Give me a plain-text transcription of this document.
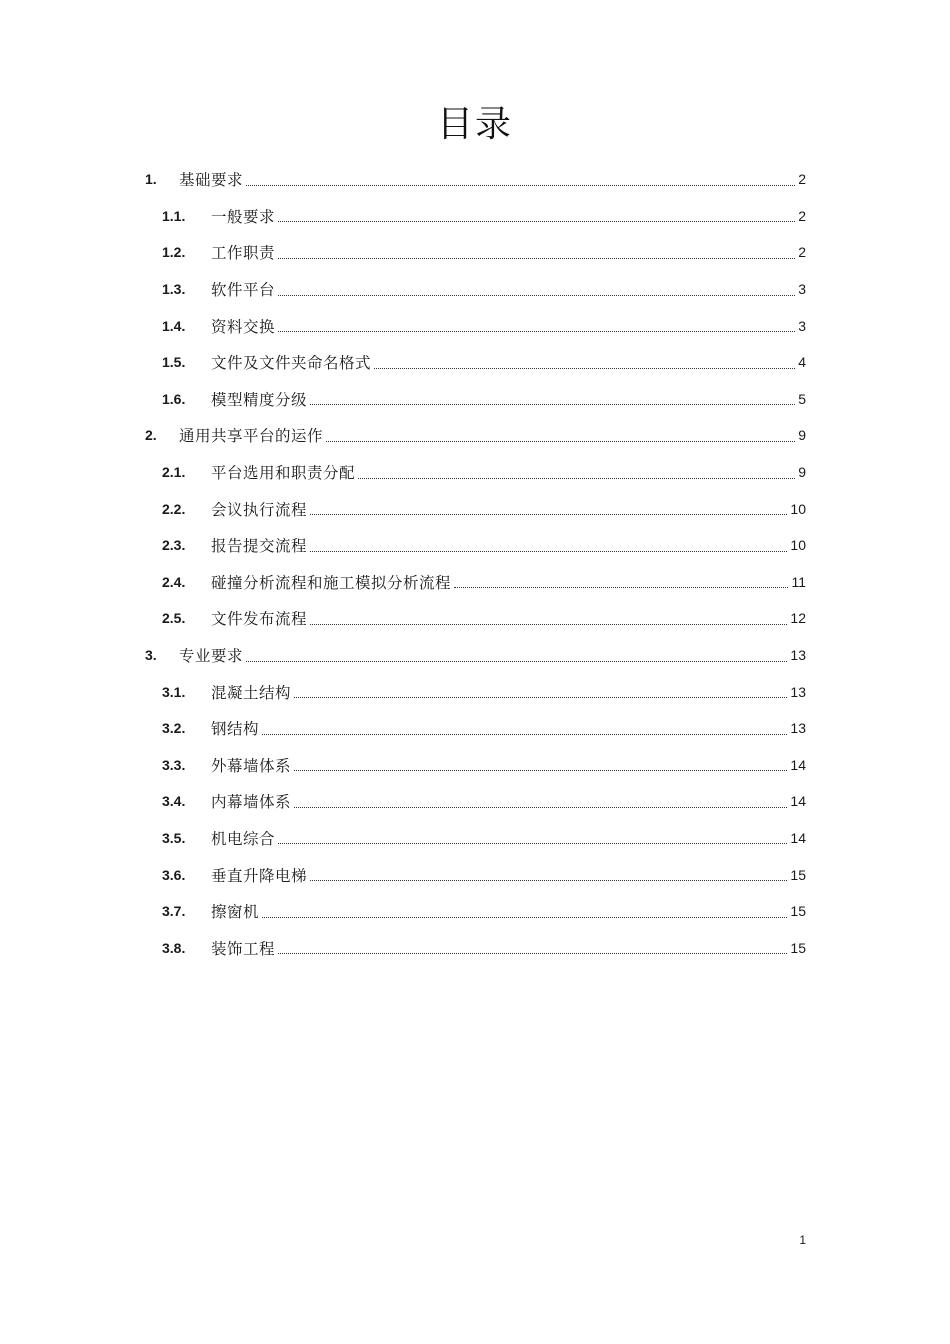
目录
1.	基础要求	2
1.1.	一般要求	2
1.2.	工作职责	2
1.3.	软件平台	3
1.4.	资料交换	3
1.5.	文件及文件夹命名格式	4
1.6.	模型精度分级	5
2.	通用共享平台的运作	9
2.1.	平台选用和职责分配	9
2.2.	会议执行流程	10
2.3.	报告提交流程	10
2.4.	碰撞分析流程和施工模拟分析流程	11
2.5.	文件发布流程	12
3.	专业要求	13
3.1.	混凝土结构	13
3.2.	钢结构	13
3.3.	外幕墙体系	14
3.4.	内幕墙体系	14
3.5.	机电综合	14
3.6.	垂直升降电梯	15
3.7.	擦窗机	15
3.8.	装饰工程	15
1
